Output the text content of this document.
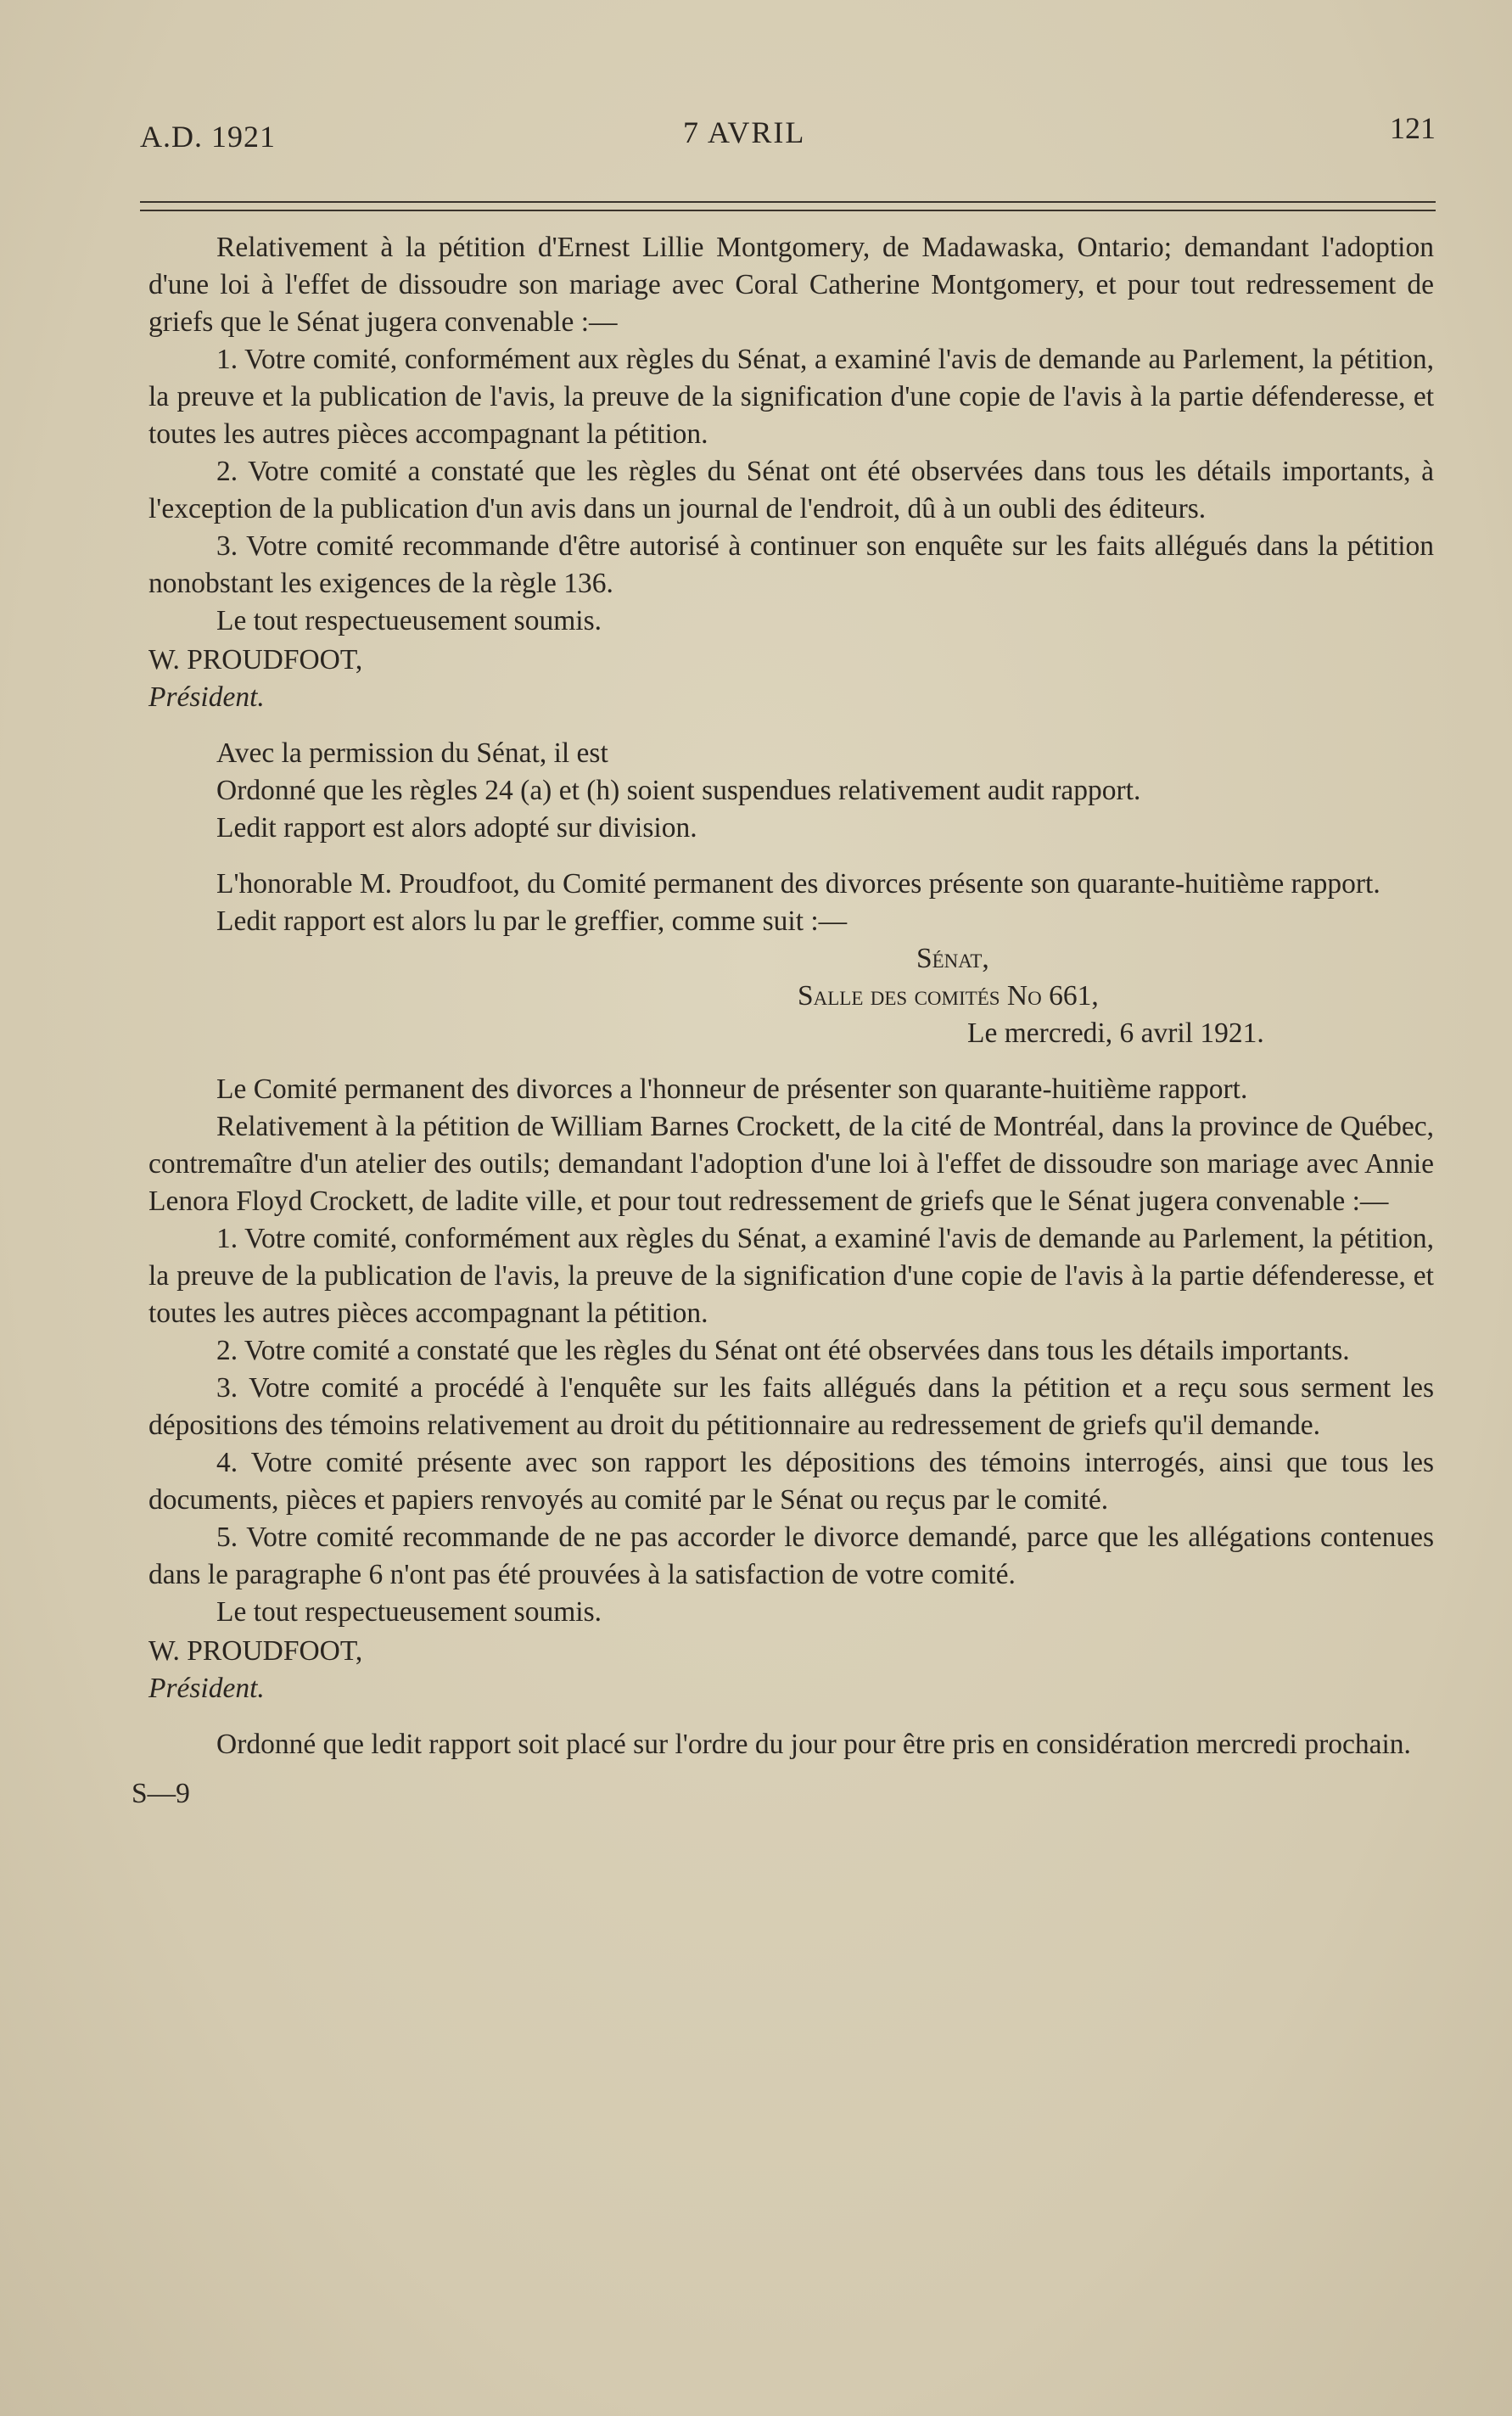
A.D. 1921	7 AVRIL	121

Relativement à la pétition d'Ernest Lillie Montgomery, de Madawaska, Ontario; demandant l'adoption d'une loi à l'effet de dissoudre son mariage avec Coral Catherine Montgomery, et pour tout redressement de griefs que le Sénat jugera convenable :—

1. Votre comité, conformément aux règles du Sénat, a examiné l'avis de demande au Parlement, la pétition, la preuve et la publication de l'avis, la preuve de la signification d'une copie de l'avis à la partie défenderesse, et toutes les autres pièces accompagnant la pétition.

2. Votre comité a constaté que les règles du Sénat ont été observées dans tous les détails importants, à l'exception de la publication d'un avis dans un journal de l'endroit, dû à un oubli des éditeurs.

3. Votre comité recommande d'être autorisé à continuer son enquête sur les faits allégués dans la pétition nonobstant les exigences de la règle 136.

Le tout respectueusement soumis.

W. PROUDFOOT,

Président.

Avec la permission du Sénat, il est

Ordonné que les règles 24 (a) et (h) soient suspendues relativement audit rapport.

Ledit rapport est alors adopté sur division.

L'honorable M. Proudfoot, du Comité permanent des divorces présente son quarante-huitième rapport.

Ledit rapport est alors lu par le greffier, comme suit :—

Sénat,

Salle des comités No 661,

Le mercredi, 6 avril 1921.

Le Comité permanent des divorces a l'honneur de présenter son quarante-huitième rapport.

Relativement à la pétition de William Barnes Crockett, de la cité de Montréal, dans la province de Québec, contremaître d'un atelier des outils; demandant l'adoption d'une loi à l'effet de dissoudre son mariage avec Annie Lenora Floyd Crockett, de ladite ville, et pour tout redressement de griefs que le Sénat jugera convenable :—

1. Votre comité, conformément aux règles du Sénat, a examiné l'avis de demande au Parlement, la pétition, la preuve de la publication de l'avis, la preuve de la signification d'une copie de l'avis à la partie défenderesse, et toutes les autres pièces accompagnant la pétition.

2. Votre comité a constaté que les règles du Sénat ont été observées dans tous les détails importants.

3. Votre comité a procédé à l'enquête sur les faits allégués dans la pétition et a reçu sous serment les dépositions des témoins relativement au droit du pétitionnaire au redressement de griefs qu'il demande.

4. Votre comité présente avec son rapport les dépositions des témoins interrogés, ainsi que tous les documents, pièces et papiers renvoyés au comité par le Sénat ou reçus par le comité.

5. Votre comité recommande de ne pas accorder le divorce demandé, parce que les allégations contenues dans le paragraphe 6 n'ont pas été prouvées à la satisfaction de votre comité.

Le tout respectueusement soumis.

W. PROUDFOOT,

Président.

Ordonné que ledit rapport soit placé sur l'ordre du jour pour être pris en considération mercredi prochain.

S—9
